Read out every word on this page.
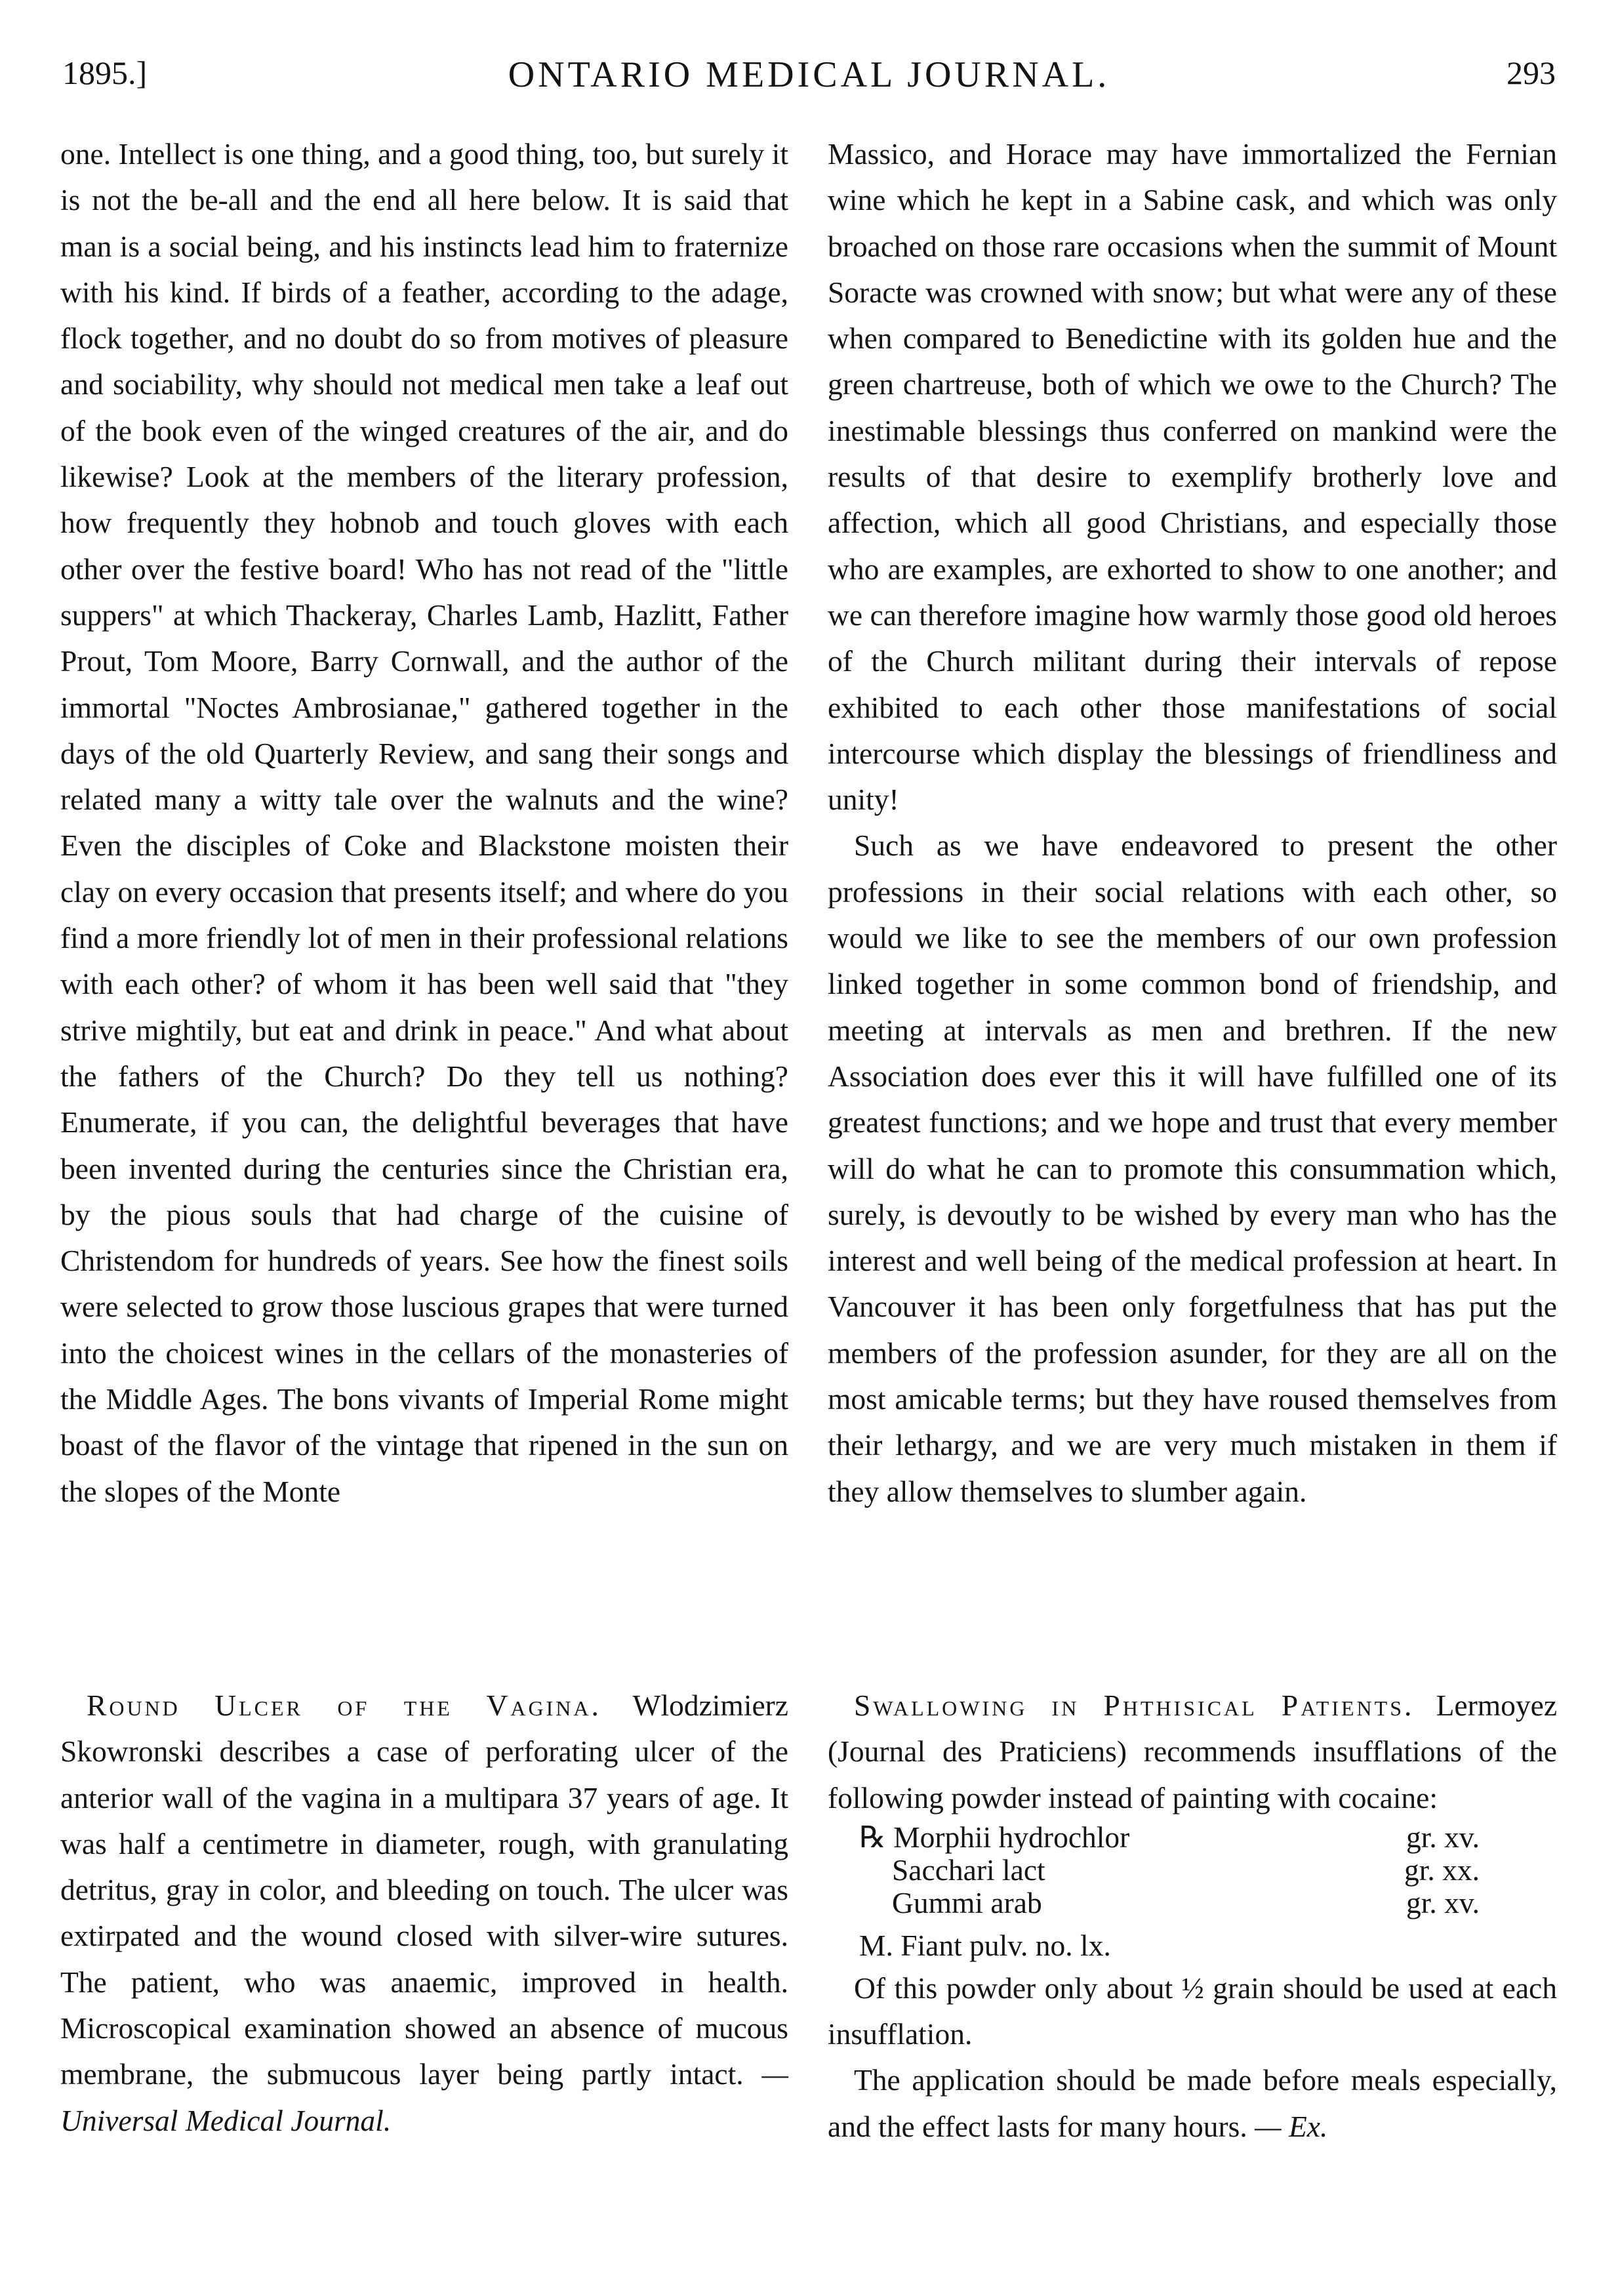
1895.]	ONTARIO MEDICAL JOURNAL.	293

one. Intellect is one thing, and a good thing, too, but surely it is not the be-all and the end all here below. It is said that man is a social being, and his instincts lead him to fraternize with his kind. If birds of a feather, according to the adage, flock together, and no doubt do so from motives of pleasure and sociability, why should not medical men take a leaf out of the book even of the winged creatures of the air, and do likewise? Look at the members of the literary profession, how frequently they hobnob and touch gloves with each other over the festive board! Who has not read of the "little suppers" at which Thackeray, Charles Lamb, Hazlitt, Father Prout, Tom Moore, Barry Cornwall, and the author of the immortal "Noctes Ambrosianae," gathered together in the days of the old Quarterly Review, and sang their songs and related many a witty tale over the walnuts and the wine? Even the disciples of Coke and Blackstone moisten their clay on every occasion that presents itself; and where do you find a more friendly lot of men in their professional relations with each other? of whom it has been well said that "they strive mightily, but eat and drink in peace." And what about the fathers of the Church? Do they tell us nothing? Enumerate, if you can, the delightful beverages that have been invented during the centuries since the Christian era, by the pious souls that had charge of the cuisine of Christendom for hundreds of years. See how the finest soils were selected to grow those luscious grapes that were turned into the choicest wines in the cellars of the monasteries of the Middle Ages. The bons vivants of Imperial Rome might boast of the flavor of the vintage that ripened in the sun on the slopes of the Monte

Massico, and Horace may have immortalized the Fernian wine which he kept in a Sabine cask, and which was only broached on those rare occasions when the summit of Mount Soracte was crowned with snow; but what were any of these when compared to Benedictine with its golden hue and the green chartreuse, both of which we owe to the Church? The inestimable blessings thus conferred on mankind were the results of that desire to exemplify brotherly love and affection, which all good Christians, and especially those who are examples, are exhorted to show to one another; and we can therefore imagine how warmly those good old heroes of the Church militant during their intervals of repose exhibited to each other those manifestations of social intercourse which display the blessings of friendliness and unity!

Such as we have endeavored to present the other professions in their social relations with each other, so would we like to see the members of our own profession linked together in some common bond of friendship, and meeting at intervals as men and brethren. If the new Association does ever this it will have fulfilled one of its greatest functions; and we hope and trust that every member will do what he can to promote this consummation which, surely, is devoutly to be wished by every man who has the interest and well being of the medical profession at heart. In Vancouver it has been only forgetfulness that has put the members of the profession asunder, for they are all on the most amicable terms; but they have roused themselves from their lethargy, and we are very much mistaken in them if they allow themselves to slumber again.

Round Ulcer of the Vagina. Wlodzimierz Skowronski describes a case of perforating ulcer of the anterior wall of the vagina in a multipara 37 years of age. It was half a centimetre in diameter, rough, with granulating detritus, gray in color, and bleeding on touch. The ulcer was extirpated and the wound closed with silver-wire sutures. The patient, who was anaemic, improved in health. Microscopical examination showed an absence of mucous membrane, the submucous layer being partly intact. — Universal Medical Journal.

Swallowing in Phthisical Patients. Lermoyez (Journal des Praticiens) recommends insufflations of the following powder instead of painting with cocaine:

℞ Morphii hydrochlor	gr. xv.
Sacchari lact	gr. xx.
Gummi arab	gr. xv.
M. Fiant pulv. no. lx.

Of this powder only about ½ grain should be used at each insufflation.

The application should be made before meals especially, and the effect lasts for many hours. — Ex.
